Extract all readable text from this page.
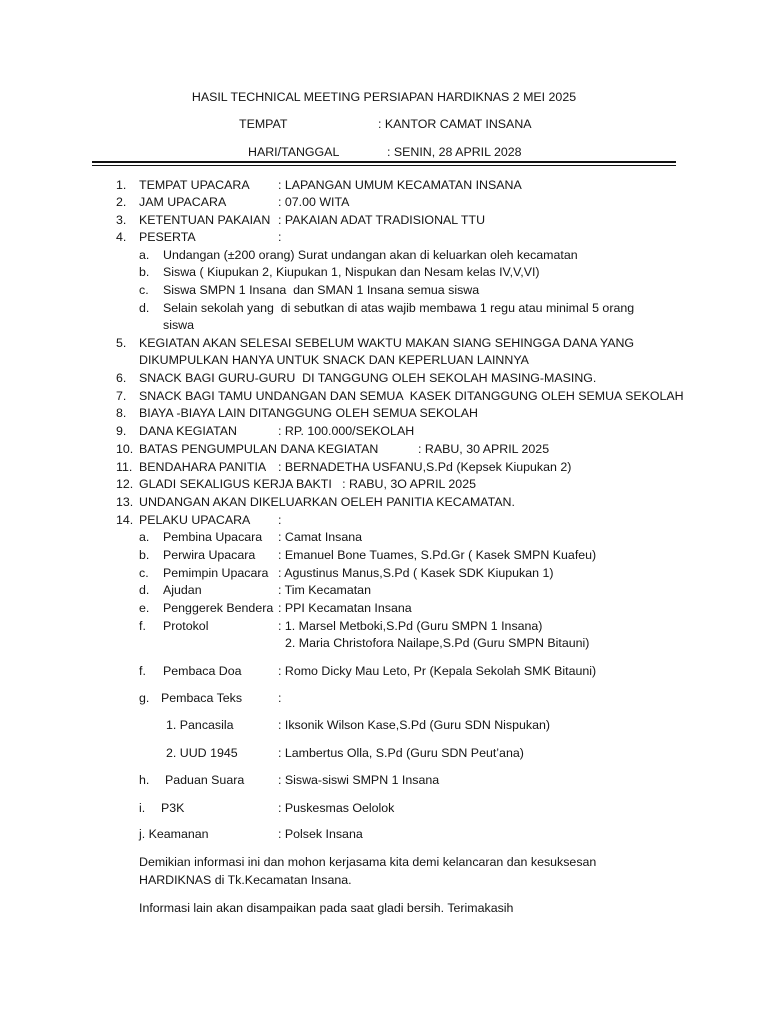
HASIL TECHNICAL MEETING PERSIAPAN HARDIKNAS 2 MEI 2025
TEMPAT	: KANTOR CAMAT INSANA
HARI/TANGGAL	: SENIN, 28 APRIL 2028
1. TEMPAT UPACARA : LAPANGAN UMUM KECAMATAN INSANA
2. JAM UPACARA	: 07.00 WITA
3. KETENTUAN PAKAIAN : PAKAIAN ADAT TRADISIONAL TTU
4. PESERTA	:
a. Undangan (±200 orang) Surat undangan akan di keluarkan oleh kecamatan
b. Siswa ( Kiupukan 2, Kiupukan 1, Nispukan dan Nesam kelas IV,V,VI)
c. Siswa SMPN 1 Insana  dan SMAN 1 Insana semua siswa
d. Selain sekolah yang  di sebutkan di atas wajib membawa 1 regu atau minimal 5 orang
siswa
5. KEGIATAN AKAN SELESAI SEBELUM WAKTU MAKAN SIANG SEHINGGA DANA YANG
DIKUMPULKAN HANYA UNTUK SNACK DAN KEPERLUAN LAINNYA
6. SNACK BAGI GURU-GURU  DI TANGGUNG OLEH SEKOLAH MASING-MASING.
7. SNACK BAGI TAMU UNDANGAN DAN SEMUA  KASEK DITANGGUNG OLEH SEMUA SEKOLAH
8. BIAYA -BIAYA LAIN DITANGGUNG OLEH SEMUA SEKOLAH
9. DANA KEGIATAN	: RP. 100.000/SEKOLAH
10. BATAS PENGUMPULAN DANA KEGIATAN	: RABU, 30 APRIL 2025
11. BENDAHARA PANITIA : BERNADETHA USFANU,S.Pd (Kepsek Kiupukan 2)
12. GLADI SEKALIGUS KERJA BAKTI   : RABU, 3O APRIL 2025
13. UNDANGAN AKAN DIKELUARKAN OELEH PANITIA KECAMATAN.
14. PELAKU UPACARA :
a. Pembina Upacara : Camat Insana
b. Perwira Upacara : Emanuel Bone Tuames, S.Pd.Gr ( Kasek SMPN Kuafeu)
c. Pemimpin Upacara : Agustinus Manus,S.Pd ( Kasek SDK Kiupukan 1)
d. Ajudan	: Tim Kecamatan
e. Penggerek Bendera : PPI Kecamatan Insana
f. Protokol	: 1. Marsel Metboki,S.Pd (Guru SMPN 1 Insana)
2. Maria Christofora Nailape,S.Pd (Guru SMPN Bitauni)
f. Pembaca Doa	: Romo Dicky Mau Leto, Pr (Kepala Sekolah SMK Bitauni)
g. Pembaca Teks	:
1. Pancasila	: Iksonik Wilson Kase,S.Pd (Guru SDN Nispukan)
2. UUD 1945	: Lambertus Olla, S.Pd (Guru SDN Peut’ana)
h. Paduan Suara	: Siswa-siswi SMPN 1 Insana
i. P3K	: Puskesmas Oelolok
j. Keamanan	: Polsek Insana
Demikian informasi ini dan mohon kerjasama kita demi kelancaran dan kesuksesan
HARDIKNAS di Tk.Kecamatan Insana.
Informasi lain akan disampaikan pada saat gladi bersih. Terimakasih
